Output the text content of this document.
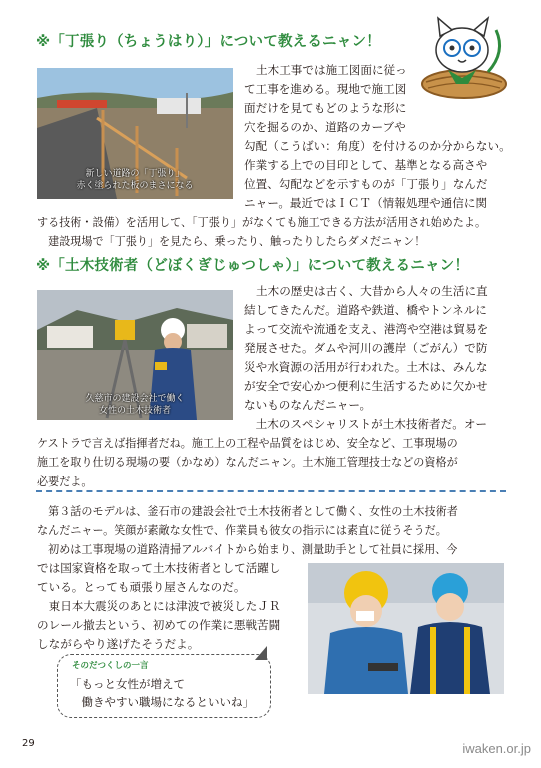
※「丁張り（ちょうはり）」について教えるニャン！
新しい道路の「丁張り」
赤く塗られた板のまさになる

土木工事では施工図面に従っ

て工事を進める。現地で施工図

面だけを見てもどのような形に

穴を掘るのか、道路のカーブや

勾配（こうばい：角度）を付けるのか分からない。

作業する上での目印として、基準となる高さや

位置、勾配などを示すものが「丁張り」なんだ

ニャー。最近ではＩＣＴ（情報処理や通信に関

する技術・設備）を活用して、「丁張り」がなくても施工できる方法が活用され始めたよ。

　建設現場で「丁張り」を見たら、乗ったり、触ったりしたらダメだニャン！

※「土木技術者（どぼくぎじゅつしゃ）」について教えるニャン！
久慈市の建設会社で働く
女性の土木技術者

土木の歴史は古く、大昔から人々の生活に直

結してきたんだ。道路や鉄道、橋やトンネルに

よって交流や流通を支え、港湾や空港は貿易を

発展させた。ダムや河川の護岸（ごがん）で防

災や水資源の活用が行われた。土木は、みんな

が安全で安心かつ便利に生活するために欠かせ

ないものなんだニャー。

　土木のスペシャリストが土木技術者だ。オー

ケストラで言えば指揮者だね。施工上の工程や品質をはじめ、安全など、工事現場の

施工を取り仕切る現場の要（かなめ）なんだニャン。土木施工管理技士などの資格が

必要だよ。

　第３話のモデルは、釜石市の建設会社で土木技術者として働く、女性の土木技術者

なんだニャー。笑顔が素敵な女性で、作業員も彼女の指示には素直に従うそうだ。

　初めは工事現場の道路清掃アルバイトから始まり、測量助手として社員に採用、今

では国家資格を取って土木技術者として活躍し

ている。とっても頑張り屋さんなのだ。

　東日本大震災のあとには津波で被災したＪＲ

のレール撤去という、初めての作業に悪戦苦闘

しながらやり遂げたそうだよ。

そのだつくしの一言
「もっと女性が増えて
　働きやすい職場になるといいね」
29	iwaken.or.jp
